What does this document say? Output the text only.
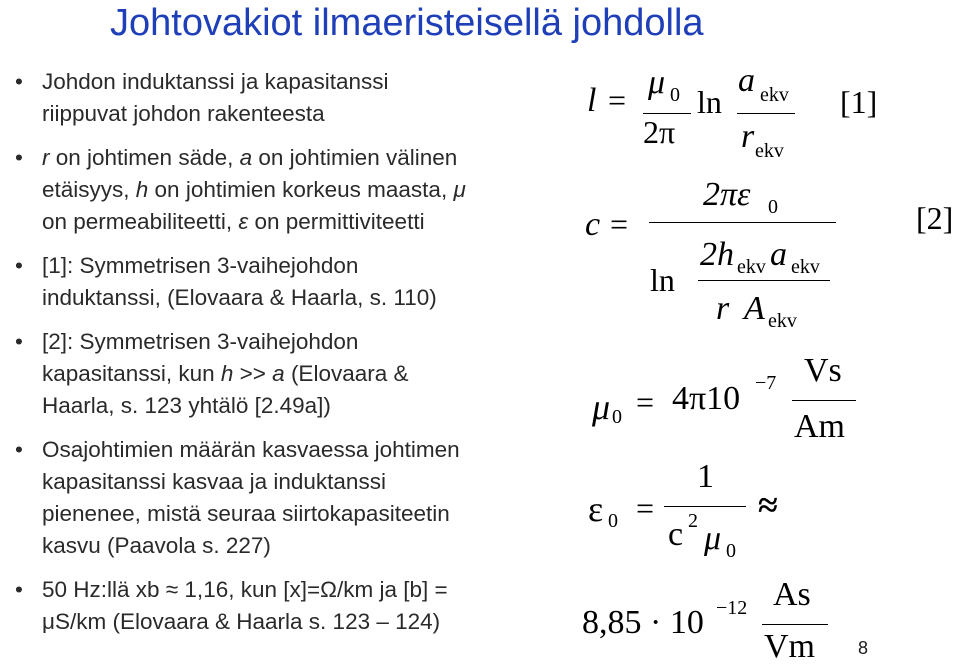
Johtovakiot ilmaeristeisellä johdolla
• Johdon induktanssi ja kapasitanssi
riippuvat johdon rakenteesta
• r on johtimen säde, a on johtimien välinen
etäisyys, h on johtimien korkeus maasta, μ
on permeabiliteetti, ε on permittiviteetti
• [1]: Symmetrisen 3-vaihejohdon
induktanssi, (Elovaara & Haarla, s. 110)
• [2]: Symmetrisen 3-vaihejohdon
kapasitanssi, kun h >> a (Elovaara &
Haarla, s. 123 yhtälö [2.49a])
• Osajohtimien määrän kasvaessa johtimen
kapasitanssi kasvaa ja induktanssi
pienenee, mistä seuraa siirtokapasiteetin
kasvu (Paavola s. 227)
• 50 Hz:llä xb ≈ 1,16, kun [x]=Ω/km ja [b] =
μS/km (Elovaara & Haarla s. 123 – 124)
l = μ 0
2π
ln
a ekv
r ekv
[1]
c =
2πε 0
ln
2h ekv a ekv
r A ekv
[2]
μ 0 = 4π10 −7 Vs
Am
ε 0 =
1
c 2 μ 0
≈
8,85 · 10 −12 As
Vm 8
